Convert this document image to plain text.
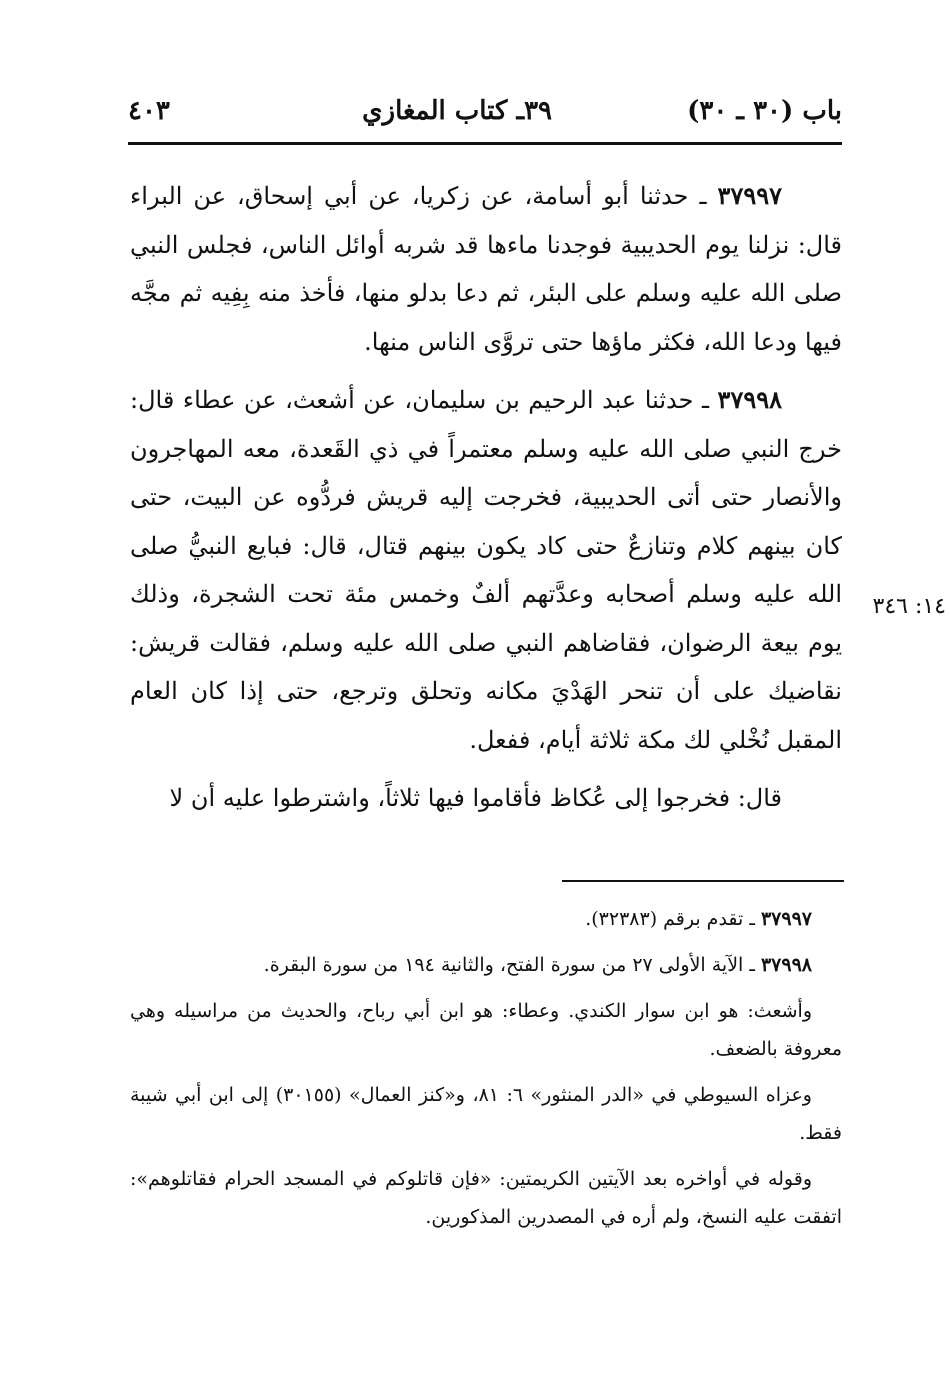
باب (٣٠ ـ ٣٠)
٣٩ـ كتاب المغازي
٤٠٣

٣٧٩٩٧ ـ حدثنا أبو أسامة، عن زكريا، عن أبي إسحاق، عن البراء قال: نزلنا يوم الحديبية فوجدنا ماءها قد شربه أوائل الناس، فجلس النبي صلى الله عليه وسلم على البئر، ثم دعا بدلو منها، فأخذ منه بِفِيه ثم مجَّه فيها ودعا الله، فكثر ماؤها حتى تروَّى الناس منها.

٣٧٩٩٨ ـ حدثنا عبد الرحيم بن سليمان، عن أشعث، عن عطاء قال: خرج النبي صلى الله عليه وسلم معتمراً في ذي القَعدة، معه المهاجرون والأنصار حتى أتى الحديبية، فخرجت إليه قريش فردُّوه عن البيت، حتى كان بينهم كلام وتنازعٌ حتى كاد يكون بينهم قتال، قال: فبايع النبيُّ صلى الله عليه وسلم أصحابه وعدَّتهم ألفٌ وخمس مئة تحت الشجرة، وذلك يوم بيعة الرضوان، فقاضاهم النبي صلى الله عليه وسلم، فقالت قريش: نقاضيك على أن تنحر الهَدْيَ مكانه وتحلق وترجع، حتى إذا كان العام المقبل نُخْلي لك مكة ثلاثة أيام، ففعل.

قال: فخرجوا إلى عُكاظ فأقاموا فيها ثلاثاً، واشترطوا عليه أن لا

١٤: ٣٤٦

٣٧٩٩٧ ـ تقدم برقم (٣٢٣٨٣).

٣٧٩٩٨ ـ الآية الأولى ٢٧ من سورة الفتح، والثانية ١٩٤ من سورة البقرة.

وأشعث: هو ابن سوار الكندي. وعطاء: هو ابن أبي رباح، والحديث من مراسيله وهي معروفة بالضعف.

وعزاه السيوطي في «الدر المنثور» ٦: ٨١، و«كنز العمال» (٣٠١٥٥) إلى ابن أبي شيبة فقط.

وقوله في أواخره بعد الآيتين الكريمتين: «فإن قاتلوكم في المسجد الحرام فقاتلوهم»: اتفقت عليه النسخ، ولم أره في المصدرين المذكورين.
